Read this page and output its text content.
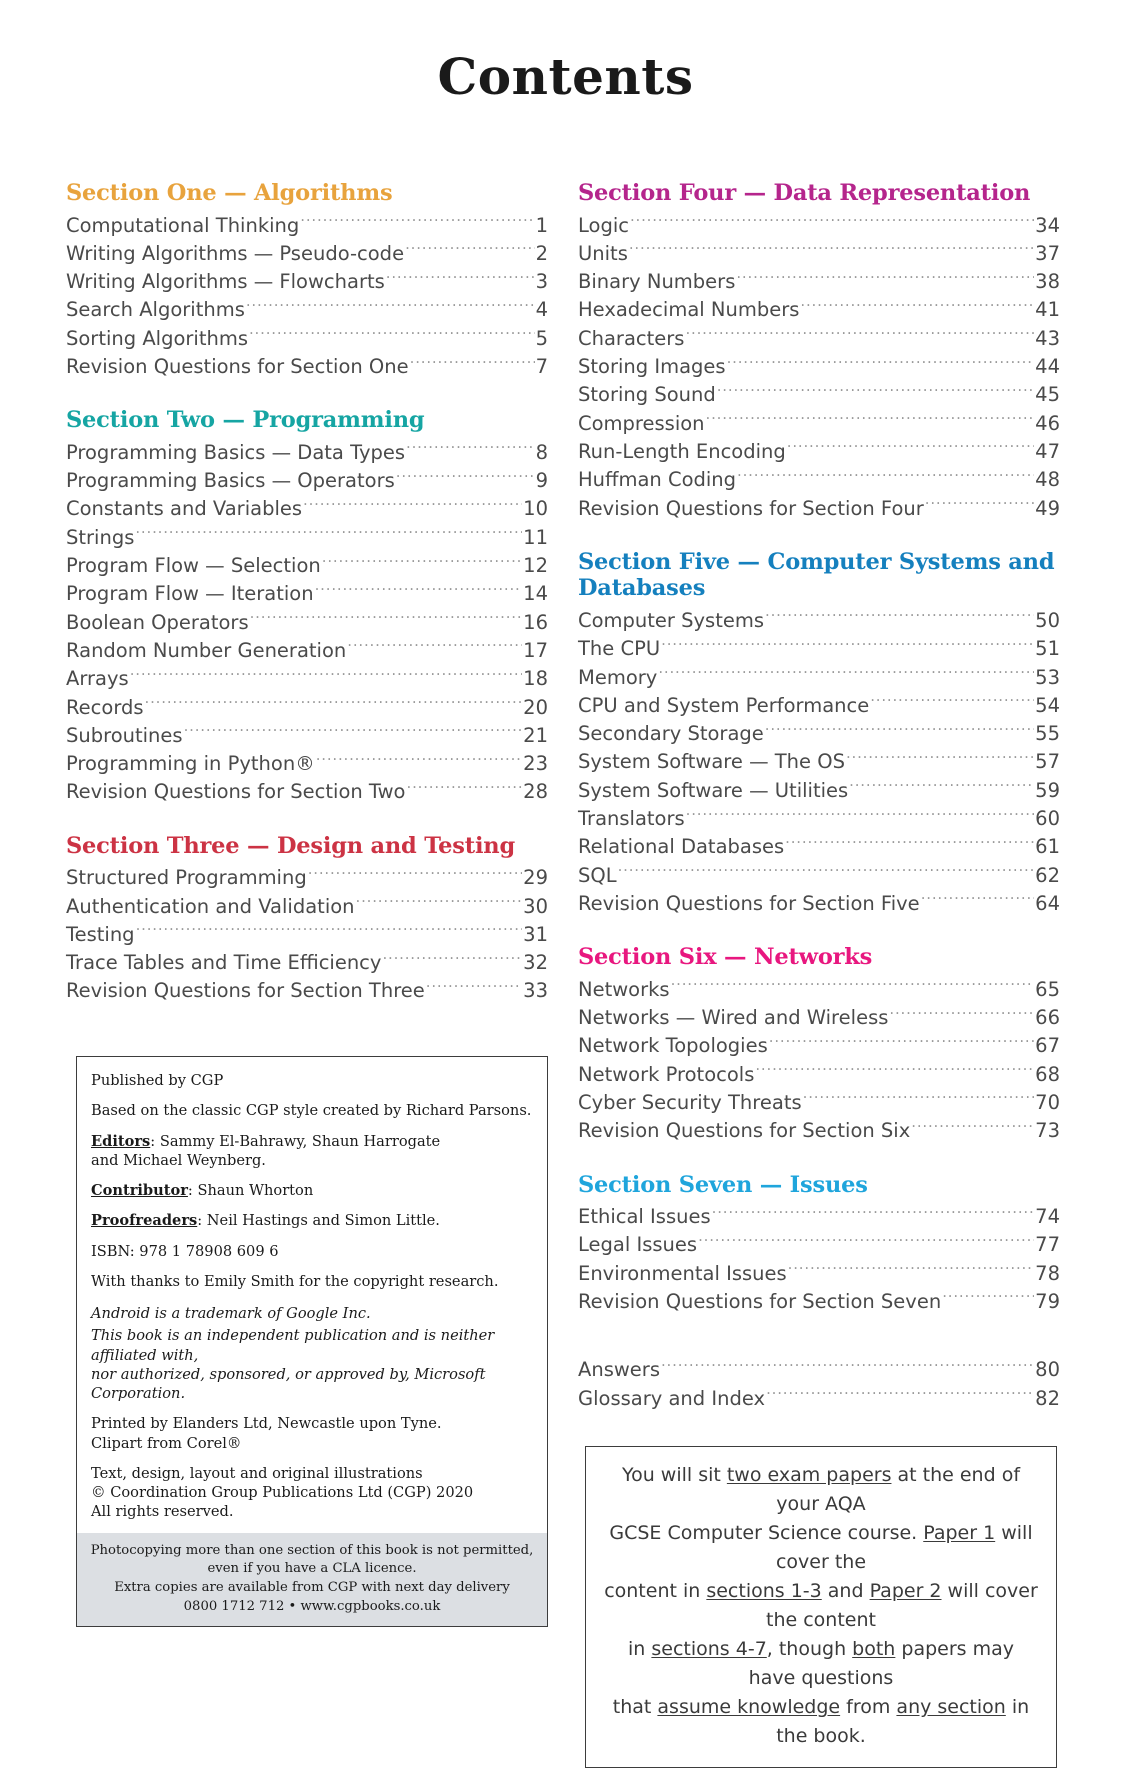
Contents
Section One — Algorithms
Computational Thinking .....	1
Writing Algorithms — Pseudo-code .....	2
Writing Algorithms — Flowcharts .....	3
Search Algorithms .....	4
Sorting Algorithms .....	5
Revision Questions for Section One .....	7
Section Two — Programming
Programming Basics — Data Types .....	8
Programming Basics — Operators .....	9
Constants and Variables .....	10
Strings .....	11
Program Flow — Selection .....	12
Program Flow — Iteration .....	14
Boolean Operators .....	16
Random Number Generation .....	17
Arrays .....	18
Records .....	20
Subroutines .....	21
Programming in Python® .....	23
Revision Questions for Section Two .....	28
Section Three — Design and Testing
Structured Programming .....	29
Authentication and Validation .....	30
Testing .....	31
Trace Tables and Time Efficiency .....	32
Revision Questions for Section Three .....	33
Section Four — Data Representation
Logic .....	34
Units .....	37
Binary Numbers .....	38
Hexadecimal Numbers .....	41
Characters .....	43
Storing Images .....	44
Storing Sound .....	45
Compression .....	46
Run-Length Encoding .....	47
Huffman Coding .....	48
Revision Questions for Section Four .....	49
Section Five — Computer Systems and Databases
Computer Systems .....	50
The CPU .....	51
Memory .....	53
CPU and System Performance .....	54
Secondary Storage .....	55
System Software — The OS .....	57
System Software — Utilities .....	59
Translators .....	60
Relational Databases .....	61
SQL .....	62
Revision Questions for Section Five .....	64
Section Six — Networks
Networks .....	65
Networks — Wired and Wireless .....	66
Network Topologies .....	67
Network Protocols .....	68
Cyber Security Threats .....	70
Revision Questions for Section Six .....	73
Section Seven — Issues
Ethical Issues .....	74
Legal Issues .....	77
Environmental Issues .....	78
Revision Questions for Section Seven .....	79
Answers .....	80
Glossary and Index .....	82

Published by CGP

Based on the classic CGP style created by Richard Parsons.

Editors: Sammy El-Bahrawy, Shaun Harrogate
and Michael Weynberg.

Contributor: Shaun Whorton

Proofreaders: Neil Hastings and Simon Little.

ISBN: 978 1 78908 609 6

With thanks to Emily Smith for the copyright research.

Android is a trademark of Google Inc.

This book is an independent publication and is neither affiliated with,
nor authorized, sponsored, or approved by, Microsoft Corporation.

Printed by Elanders Ltd, Newcastle upon Tyne.
Clipart from Corel®

Text, design, layout and original illustrations
© Coordination Group Publications Ltd (CGP) 2020
All rights reserved.

Photocopying more than one section of this book is not permitted,
even if you have a CLA licence.
Extra copies are available from CGP with next day delivery
0800 1712 712 • www.cgpbooks.co.uk
You will sit two exam papers at the end of your AQA
GCSE Computer Science course. Paper 1 will cover the
content in sections 1-3 and Paper 2 will cover the content
in sections 4-7, though both papers may have questions
that assume knowledge from any section in the book.
